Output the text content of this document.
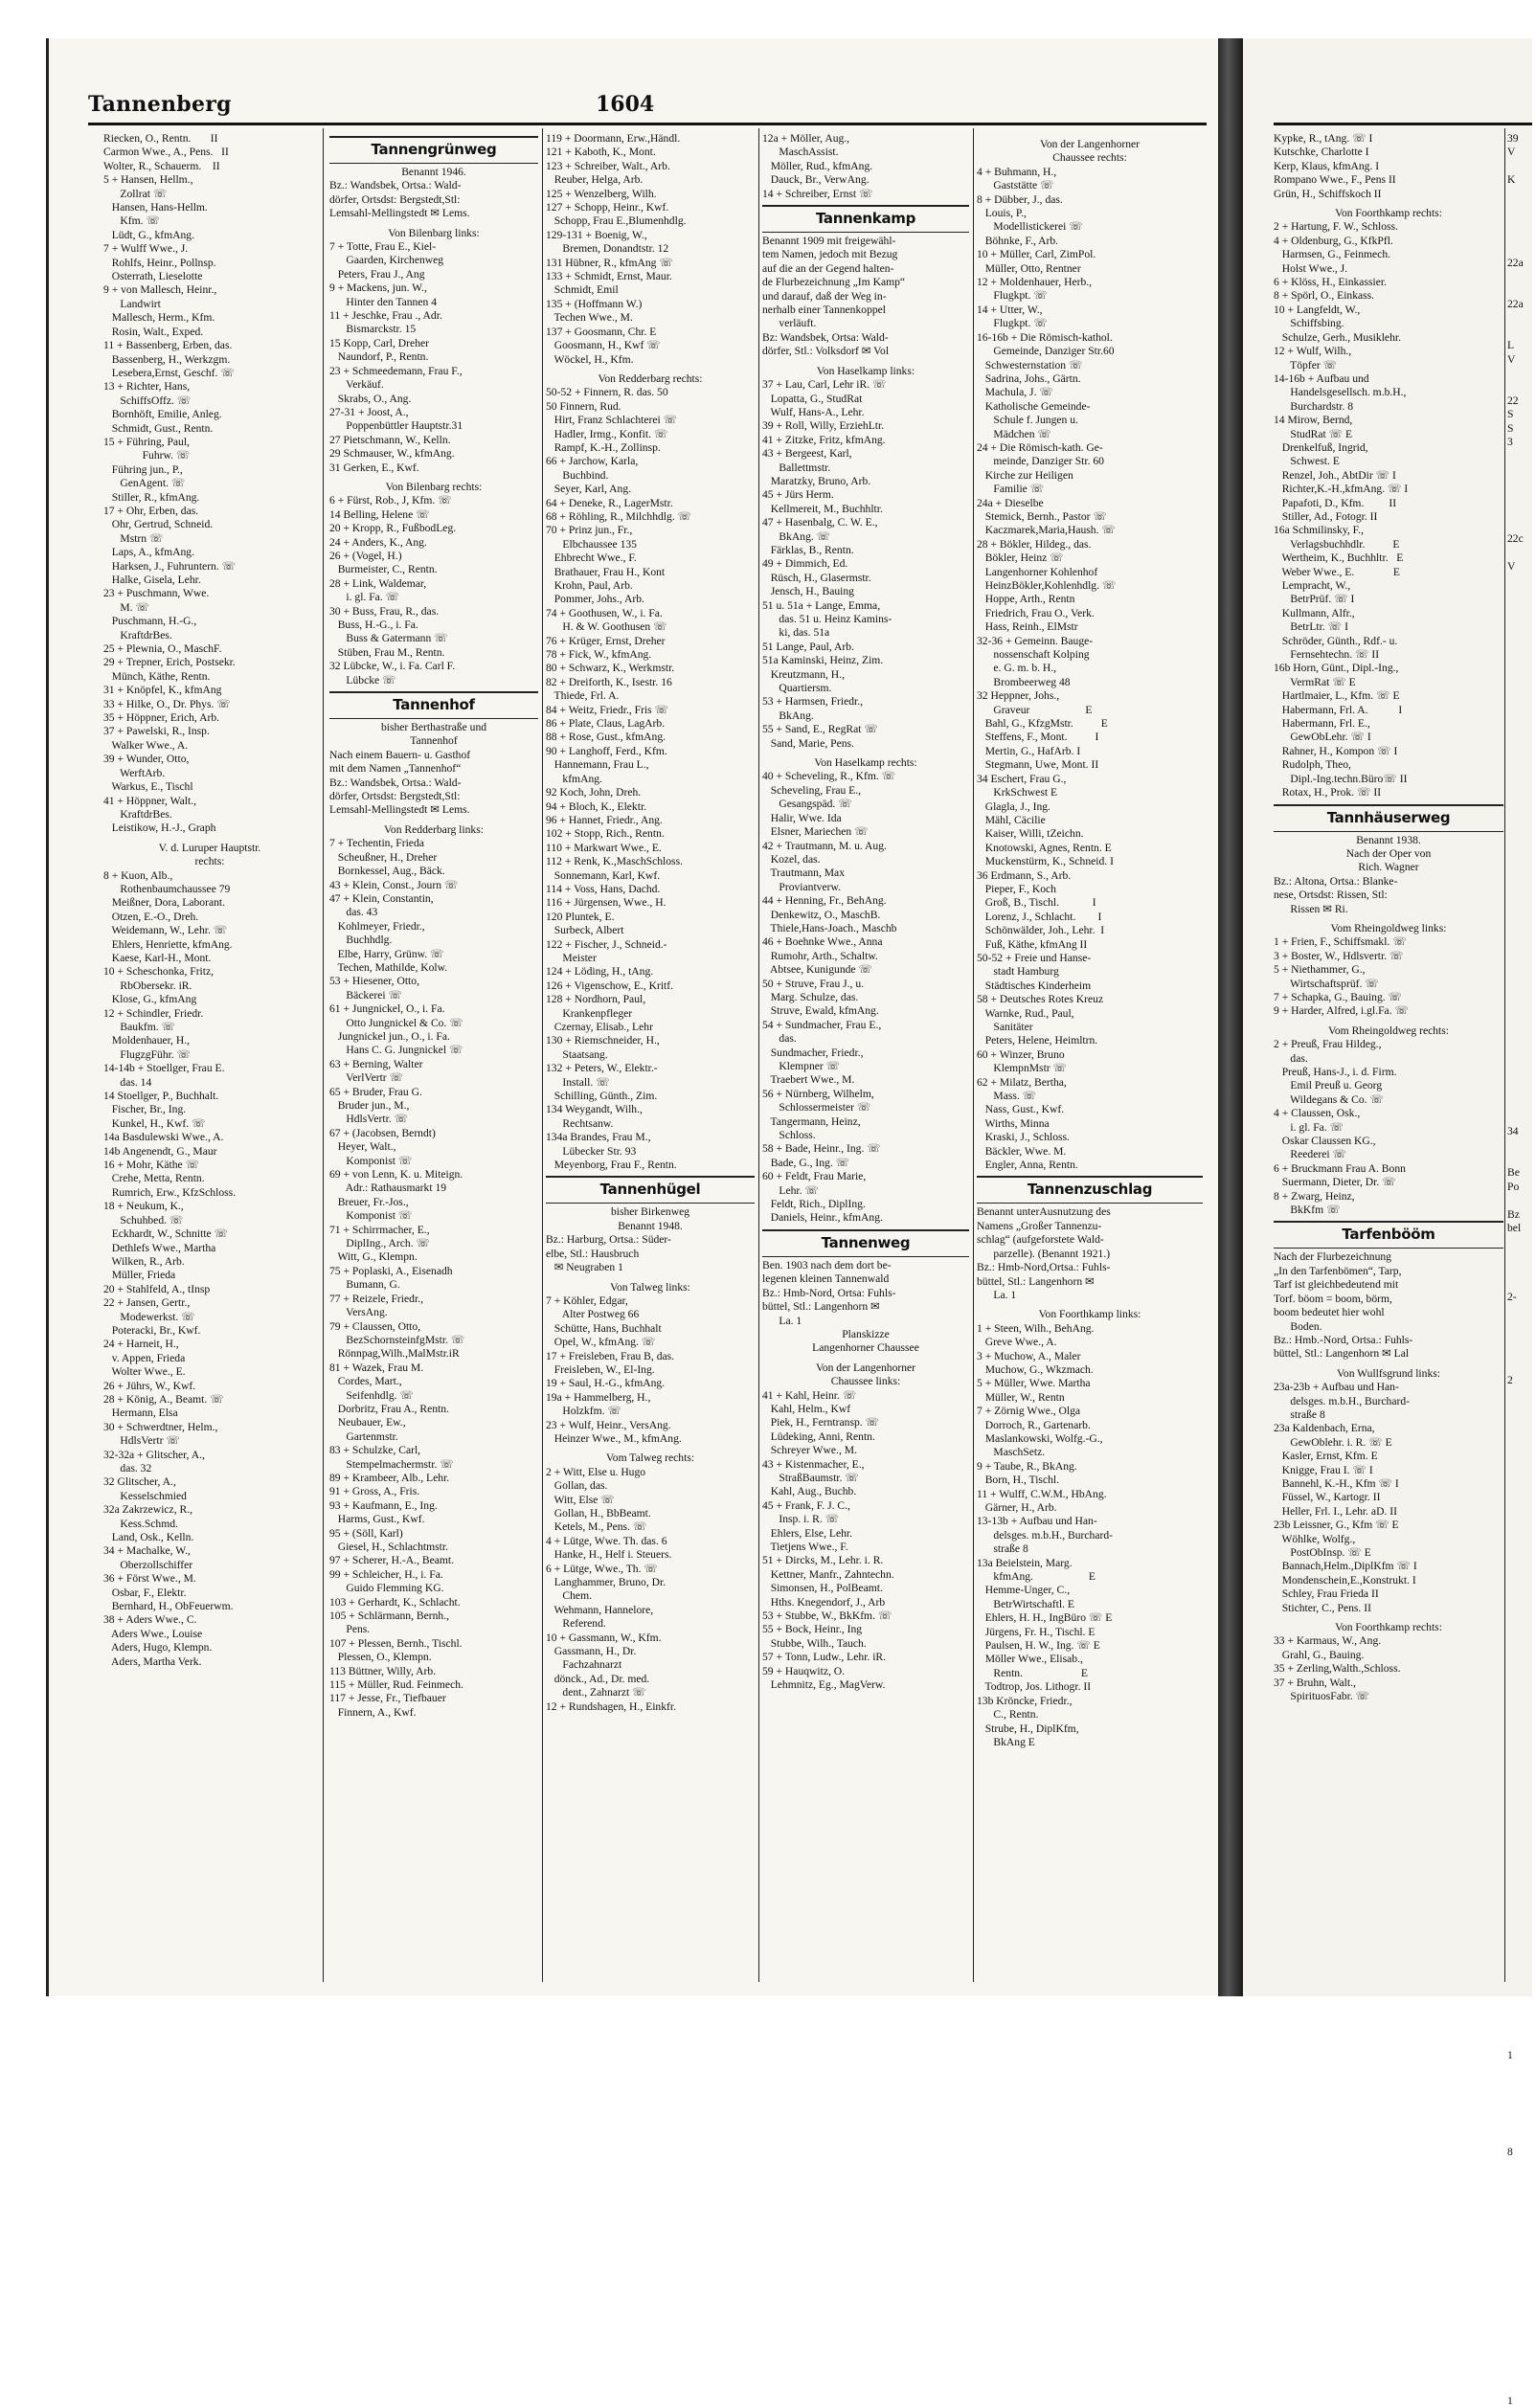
Tannenberg	1604
Riecken, O., Rentn.       II
Carmon Wwe., A., Pens.   II
Wolter, R., Schauerm.    II
5 + Hansen, Hellm.,
Zollrat ☏
Hansen, Hans-Hellm.
Kfm. ☏
Lüdt, G., kfmAng.
7 + Wulff Wwe., J.
Rohlfs, Heinr., Pollnsp.
Osterrath, Lieselotte
9 + von Mallesch, Heinr.,
Landwirt
Mallesch, Herm., Kfm.
Rosin, Walt., Exped.
11 + Bassenberg, Erben, das.
Bassenberg, H., Werkzgm.
Lesebera,Ernst, Geschf. ☏
13 + Richter, Hans,
SchiffsOffz. ☏
Bornhöft, Emilie, Anleg.
Schmidt, Gust., Rentn.
15 + Führing, Paul,
Fuhrw. ☏
Führing jun., P.,
GenAgent. ☏
Stiller, R., kfmAng.
17 + Ohr, Erben, das.
Ohr, Gertrud, Schneid.
Mstrn ☏
Laps, A., kfmAng.
Harksen, J., Fuhruntern. ☏
Halke, Gisela, Lehr.
23 + Puschmann, Wwe.
M. ☏
Puschmann, H.-G.,
KraftdrBes.
25 + Plewnia, O., MaschF.
29 + Trepner, Erich, Postsekr.
Münch, Käthe, Rentn.
31 + Knöpfel, K., kfmAng
33 + Hilke, O., Dr. Phys. ☏
35 + Höppner, Erich, Arb.
37 + Pawelski, R., Insp.
Walker Wwe., A.
39 + Wunder, Otto,
WerftArb.
Warkus, E., Tischl
41 + Höppner, Walt.,
KraftdrBes.
Leistikow, H.-J., Graph
V. d. Luruper Hauptstr.
rechts:
8 + Kuon, Alb.,
Rothenbaumchaussee 79
Meißner, Dora, Laborant.
Otzen, E.-O., Dreh.
Weidemann, W., Lehr. ☏
Ehlers, Henriette, kfmAng.
Kaese, Karl-H., Mont.
10 + Scheschonka, Fritz,
RbObersekr. iR.
Klose, G., kfmAng
12 + Schindler, Friedr.
Baukfm. ☏
Moldenhauer, H.,
FlugzgFühr. ☏
14-14b + Stoellger, Frau E.
das. 14
14 Stoellger, P., Buchhalt.
Fischer, Br., Ing.
Kunkel, H., Kwf. ☏
14a Basdulewski Wwe., A.
14b Angenendt, G., Maur
16 + Mohr, Käthe ☏
Crehe, Metta, Rentn.
Rumrich, Erw., KfzSchloss.
18 + Neukum, K.,
Schuhbed. ☏
Eckhardt, W., Schnitte ☏
Dethlefs Wwe., Martha
Wilken, R., Arb.
Müller, Frieda
20 + Stahlfeld, A., tInsp
22 + Jansen, Gertr.,
Modewerkst. ☏
Poteracki, Br., Kwf.
24 + Harneit, H.,
v. Appen, Frieda
Wolter Wwe., E.
26 + Jührs, W., Kwf.
28 + König, A., Beamt. ☏
Hermann, Elsa
30 + Schwerdtner, Helm.,
HdlsVertr ☏
32-32a + Glitscher, A.,
das. 32
32 Glitscher, A.,
Kesselschmied
32a Zakrzewicz, R.,
Kess.Schmd.
Land, Osk., Kelln.
34 + Machalke, W.,
Oberzollschiffer
36 + Först Wwe., M.
Osbar, F., Elektr.
Bernhard, H., ObFeuerwm.
38 + Aders Wwe., C.
Aders Wwe., Louise
Aders, Hugo, Klempn.
Aders, Martha Verk.
Tannengrünweg
Benannt 1946.
Bz.: Wandsbek, Ortsa.: Wald-
dörfer, Ortsdst: Bergstedt,Stl:
Lemsahl-Mellingstedt ✉ Lems.
Von Bilenbarg links:
7 + Totte, Frau E., Kiel-
Gaarden, Kirchenweg
Peters, Frau J., Ang
9 + Mackens, jun. W.,
Hinter den Tannen 4
11 + Jeschke, Frau ., Adr.
Bismarckstr. 15
15 Kopp, Carl, Dreher
Naundorf, P., Rentn.
23 + Schmeedemann, Frau F.,
Verkäuf.
Skrabs, O., Ang.
27-31 + Joost, A.,
Poppenbüttler Hauptstr.31
27 Pietschmann, W., Kelln.
29 Schmauser, W., kfmAng.
31 Gerken, E., Kwf.
Von Bilenbarg rechts:
6 + Fürst, Rob., J, Kfm. ☏
14 Belling, Helene ☏
20 + Kropp, R., FußbodLeg.
24 + Anders, K., Ang.
26 + (Vogel, H.)
Burmeister, C., Rentn.
28 + Link, Waldemar,
i. gl. Fa. ☏
30 + Buss, Frau, R., das.
Buss, H.-G., i. Fa.
Buss & Gatermann ☏
Stüben, Frau M., Rentn.
32 Lübcke, W., i. Fa. Carl F.
Lübcke ☏
Tannenhof
bisher Berthastraße und
Tannenhof
Nach einem Bauern- u. Gasthof
mit dem Namen „Tannenhof“
Bz.: Wandsbek, Ortsa.: Wald-
dörfer, Ortsdst: Bergstedt,Stl:
Lemsahl-Mellingstedt ✉ Lems.
Von Redderbarg links:
7 + Techentin, Frieda
Scheußner, H., Dreher
Bornkessel, Aug., Bäck.
43 + Klein, Const., Journ ☏
47 + Klein, Constantin,
das. 43
Kohlmeyer, Friedr.,
Buchhdlg.
Elbe, Harry, Grünw. ☏
Techen, Mathilde, Kolw.
53 + Hiesener, Otto,
Bäckerei ☏
61 + Jungnickel, O., i. Fa.
Otto Jungnickel & Co. ☏
Jungnickel jun., O., i. Fa.
Hans C. G. Jungnickel ☏
63 + Berning, Walter
VerlVertr ☏
65 + Bruder, Frau G.
Bruder jun., M.,
HdlsVertr. ☏
67 + (Jacobsen, Berndt)
Heyer, Walt.,
Komponist ☏
69 + von Lenn, K. u. Miteign.
Adr.: Rathausmarkt 19
Breuer, Fr.-Jos.,
Komponist ☏
71 + Schirrmacher, E.,
DiplIng., Arch. ☏
Witt, G., Klempn.
75 + Poplaski, A., Eisenadh
Bumann, G.
77 + Reizele, Friedr.,
VersAng.
79 + Claussen, Otto,
BezSchornsteinfgMstr. ☏
Rönnpag,Wilh.,MalMstr.iR
81 + Wazek, Frau M.
Cordes, Mart.,
Seifenhdlg. ☏
Dorbritz, Frau A., Rentn.
Neubauer, Ew.,
Gartenmstr.
83 + Schulzke, Carl,
Stempelmachermstr. ☏
89 + Krambeer, Alb., Lehr.
91 + Gross, A., Fris.
93 + Kaufmann, E., Ing.
Harms, Gust., Kwf.
95 + (Söll, Karl)
Giesel, H., Schlachtmstr.
97 + Scherer, H.-A., Beamt.
99 + Schleicher, H., i. Fa.
Guido Flemming KG.
103 + Gerhardt, K., Schlacht.
105 + Schlärmann, Bernh.,
Pens.
107 + Plessen, Bernh., Tischl.
Plessen, O., Klempn.
113 Büttner, Willy, Arb.
115 + Müller, Rud. Feinmech.
117 + Jesse, Fr., Tiefbauer
Finnern, A., Kwf.
119 + Doormann, Erw.,Händl.
121 + Kaboth, K., Mont.
123 + Schreiber, Walt., Arb.
Reuber, Helga, Arb.
125 + Wenzelberg, Wilh.
127 + Schopp, Heinr., Kwf.
Schopp, Frau E.,Blumenhdlg.
129-131 + Boenig, W.,
Bremen, Donandtstr. 12
131 Hübner, R., kfmAng ☏
133 + Schmidt, Ernst, Maur.
Schmidt, Emil
135 + (Hoffmann W.)
Techen Wwe., M.
137 + Goosmann, Chr. E
Goosmann, H., Kwf ☏
Wöckel, H., Kfm.
Von Redderbarg rechts:
50-52 + Finnern, R. das. 50
50 Finnern, Rud.
Hirt, Franz Schlachterei ☏
Hadler, Irmg., Konfit. ☏
Rampf, K.-H., Zollinsp.
66 + Jarchow, Karla,
Buchbind.
Seyer, Karl, Ang.
64 + Deneke, R., LagerMstr.
68 + Röhling, R., Milchhdlg. ☏
70 + Prinz jun., Fr.,
Elbchaussee 135
Ehbrecht Wwe., F.
Brathauer, Frau H., Kont
Krohn, Paul, Arb.
Pommer, Johs., Arb.
74 + Goothusen, W., i. Fa.
H. & W. Goothusen ☏
76 + Krüger, Ernst, Dreher
78 + Fick, W., kfmAng.
80 + Schwarz, K., Werkmstr.
82 + Dreiforth, K., Isestr. 16
Thiede, Frl. A.
84 + Weitz, Friedr., Fris ☏
86 + Plate, Claus, LagArb.
88 + Rose, Gust., kfmAng.
90 + Langhoff, Ferd., Kfm.
Hannemann, Frau L.,
kfmAng.
92 Koch, John, Dreh.
94 + Bloch, K., Elektr.
96 + Hannet, Friedr., Ang.
102 + Stopp, Rich., Rentn.
110 + Markwart Wwe., E.
112 + Renk, K.,MaschSchloss.
Sonnemann, Karl, Kwf.
114 + Voss, Hans, Dachd.
116 + Jürgensen, Wwe., H.
120 Pluntek, E.
Surbeck, Albert
122 + Fischer, J., Schneid.-
Meister
124 + Löding, H., tAng.
126 + Vigenschow, E., Kritf.
128 + Nordhorn, Paul,
Krankenpfleger
Czernay, Elisab., Lehr
130 + Riemschneider, H.,
Staatsang.
132 + Peters, W., Elektr.-
Install. ☏
Schilling, Günth., Zim.
134 Weygandt, Wilh.,
Rechtsanw.
134a Brandes, Frau M.,
Lübecker Str. 93
Meyenborg, Frau F., Rentn.
Tannenhügel
bisher Birkenweg
Benannt 1948.
Bz.: Harburg, Ortsa.: Süder-
elbe, Stl.: Hausbruch
✉ Neugraben 1
Von Talweg links:
7 + Köhler, Edgar,
Alter Postweg 66
Schütte, Hans, Buchhalt
Opel, W., kfmAng. ☏
17 + Freisleben, Frau B, das.
Freisleben, W., El-Ing.
19 + Saul, H.-G., kfmAng.
19a + Hammelberg, H.,
Holzkfm. ☏
23 + Wulf, Heinr., VersAng.
Heinzer Wwe., M., kfmAng.
Vom Talweg rechts:
2 + Witt, Else u. Hugo
Gollan, das.
Witt, Else ☏
Gollan, H., BbBeamt.
Ketels, M., Pens. ☏
4 + Lütge, Wwe. Th. das. 6
Hanke, H., Helf i. Steuers.
6 + Lütge, Wwe., Th. ☏
Langhammer, Bruno, Dr.
Chem.
Wehmann, Hannelore,
Referend.
10 + Gassmann, W., Kfm.
Gassmann, H., Dr.
Fachzahnarzt
dönck., Ad., Dr. med.
dent., Zahnarzt ☏
12 + Rundshagen, H., Einkfr.
12a + Möller, Aug.,
MaschAssist.
Möller, Rud., kfmAng.
Dauck, Br., VerwAng.
14 + Schreiber, Ernst ☏
Tannenkamp
Benannt 1909 mit freigewähl-
tem Namen, jedoch mit Bezug
auf die an der Gegend halten-
de Flurbezeichnung „Im Kamp“
und darauf, daß der Weg in-
nerhalb einer Tannenkoppel
verläuft.
Bz: Wandsbek, Ortsa: Wald-
dörfer, Stl.: Volksdorf ✉ Vol
Von Haselkamp links:
37 + Lau, Carl, Lehr iR. ☏
Lopatta, G., StudRat
Wulf, Hans-A., Lehr.
39 + Roll, Willy, ErziehLtr.
41 + Zitzke, Fritz, kfmAng.
43 + Bergeest, Karl,
Ballettmstr.
Maratzky, Bruno, Arb.
45 + Jürs Herm.
Kellmereit, M., Buchhltr.
47 + Hasenbalg, C. W. E.,
BkAng. ☏
Färklas, B., Rentn.
49 + Dimmich, Ed.
Rüsch, H., Glasermstr.
Jensch, H., Bauing
51 u. 51a + Lange, Emma,
das. 51 u. Heinz Kamins-
ki, das. 51a
51 Lange, Paul, Arb.
51a Kaminski, Heinz, Zim.
Kreutzmann, H.,
Quartiersm.
53 + Harmsen, Friedr.,
BkAng.
55 + Sand, E., RegRat ☏
Sand, Marie, Pens.
Von Haselkamp rechts:
40 + Scheveling, R., Kfm. ☏
Scheveling, Frau E.,
Gesangspäd. ☏
Halir, Wwe. Ida
Elsner, Mariechen ☏
42 + Trautmann, M. u. Aug.
Kozel, das.
Trautmann, Max
Proviantverw.
44 + Henning, Fr., BehAng.
Denkewitz, O., MaschB.
Thiele,Hans-Joach., Maschb
46 + Boehnke Wwe., Anna
Rumohr, Arth., Schaltw.
Abtsee, Kunigunde ☏
50 + Struve, Frau J., u.
Marg. Schulze, das.
Struve, Ewald, kfmAng.
54 + Sundmacher, Frau E.,
das.
Sundmacher, Friedr.,
Klempner ☏
Traebert Wwe., M.
56 + Nürnberg, Wilhelm,
Schlossermeister ☏
Tangermann, Heinz,
Schloss.
58 + Bade, Heinr., Ing. ☏
Bade, G., Ing. ☏
60 + Feldt, Frau Marie,
Lehr. ☏
Feldt, Rich., DiplIng.
Daniels, Heinr., kfmAng.
Tannenweg
Ben. 1903 nach dem dort be-
legenen kleinen Tannenwald
Bz.: Hmb-Nord, Ortsa: Fuhls-
büttel, Stl.: Langenhorn ✉
La. 1
Planskizze
Langenhorner Chaussee
Von der Langenhorner
Chaussee links:
41 + Kahl, Heinr. ☏
Kahl, Helm., Kwf
Piek, H., Ferntransp. ☏
Lüdeking, Anni, Rentn.
Schreyer Wwe., M.
43 + Kistenmacher, E.,
StraßBaumstr. ☏
Kahl, Aug., Buchb.
45 + Frank, F. J. C.,
Insp. i. R. ☏
Ehlers, Else, Lehr.
Tietjens Wwe., F.
51 + Dircks, M., Lehr. i. R.
Kettner, Manfr., Zahntechn.
Simonsen, H., PolBeamt.
Hths. Knegendorf, J., Arb
53 + Stubbe, W., BkKfm. ☏
55 + Bock, Heinr., Ing
Stubbe, Wilh., Tauch.
57 + Tonn, Ludw., Lehr. iR.
59 + Hauqwitz, O.
Lehmnitz, Eg., MagVerw.
Von der Langenhorner
Chaussee rechts:
4 + Buhmann, H.,
Gaststätte ☏
8 + Dübber, J., das.
Louis, P.,
Modellistickerei ☏
Böhnke, F., Arb.
10 + Müller, Carl, ZimPol.
Müller, Otto, Rentner
12 + Moldenhauer, Herb.,
Flugkpt. ☏
14 + Utter, W.,
Flugkpt. ☏
16-16b + Die Römisch-kathol.
Gemeinde, Danziger Str.60
Schwesternstation ☏
Sadrina, Johs., Gärtn.
Machula, J. ☏
Katholische Gemeinde-
Schule f. Jungen u.
Mädchen ☏
24 + Die Römisch-kath. Ge-
meinde, Danziger Str. 60
Kirche zur Heiligen
Familie ☏
24a + Dieselbe
Stemick, Bernh., Pastor ☏
Kaczmarek,Maria,Haush. ☏
28 + Bökler, Hildeg., das.
Bökler, Heinz ☏
Langenhorner Kohlenhof
HeinzBökler,Kohlenhdlg. ☏
Hoppe, Arth., Rentn
Friedrich, Frau O., Verk.
Hass, Reinh., ElMstr
32-36 + Gemeinn. Bauge-
nossenschaft Kolping
e. G. m. b. H.,
Brombeerweg 48
32 Heppner, Johs.,
Graveur                    E
Bahl, G., KfzgMstr.          E
Steffens, F., Mont.          I
Mertin, G., HafArb. I
Stegmann, Uwe, Mont. II
34 Eschert, Frau G.,
KrkSchwest E
Glagla, J., Ing.
Mähl, Cäcilie
Kaiser, Willi, tZeichn.
Knotowski, Agnes, Rentn. E
Muckenstürm, K., Schneid. I
36 Erdmann, S., Arb.
Pieper, F., Koch
Groß, B., Tischl.            I
Lorenz, J., Schlacht.        I
Schönwälder, Joh., Lehr.  I
Fuß, Käthe, kfmAng II
50-52 + Freie und Hanse-
stadt Hamburg
Städtisches Kinderheim
58 + Deutsches Rotes Kreuz
Warnke, Rud., Paul,
Sanitäter
Peters, Helene, Heimltrn.
60 + Winzer, Bruno
KlempnMstr ☏
62 + Milatz, Bertha,
Mass. ☏
Nass, Gust., Kwf.
Wirths, Minna
Kraski, J., Schloss.
Bäckler, Wwe. M.
Engler, Anna, Rentn.
Tannenzuschlag
Benannt unterAusnutzung des
Namens „Großer Tannenzu-
schlag“ (aufgeforstete Wald-
parzelle). (Benannt 1921.)
Bz.: Hmb-Nord,Ortsa.: Fuhls-
büttel, Stl.: Langenhorn ✉
La. 1
Von Foorthkamp links:
1 + Steen, Wilh., BehAng.
Greve Wwe., A.
3 + Muchow, A., Maler
Muchow, G., Wkzmach.
5 + Müller, Wwe. Martha
Müller, W., Rentn
7 + Zörnig Wwe., Olga
Dorroch, R., Gartenarb.
Maslankowski, Wolfg.-G.,
MaschSetz.
9 + Taube, R., BkAng.
Born, H., Tischl.
11 + Wulff, C.W.M., HbAng.
Gärner, H., Arb.
13-13b + Aufbau und Han-
delsges. m.b.H., Burchard-
straße 8
13a Beielstein, Marg.
kfmAng.                    E
Hemme-Unger, C.,
BetrWirtschaftl. E
Ehlers, H. H., IngBüro ☏ E
Jürgens, Fr. H., Tischl. E
Paulsen, H. W., Ing. ☏ E
Möller Wwe., Elisab.,
Rentn.                     E
Todtrop, Jos. Lithogr. II
13b Kröncke, Friedr.,
C., Rentn.
Strube, H., DiplKfm,
BkAng E
Kypke, R., tAng. ☏ I
Kutschke, Charlotte I
Kerp, Klaus, kfmAng. I
Rompano Wwe., F., Pens II
Grün, H., Schiffskoch II
Von Foorthkamp rechts:
2 + Hartung, F. W., Schloss.
4 + Oldenburg, G., KfkPfl.
Harmsen, G., Feinmech.
Holst Wwe., J.
6 + Klöss, H., Einkassier.
8 + Spörl, O., Einkass.
10 + Langfeldt, W.,
Schiffsbing.
Schulze, Gerh., Musiklehr.
12 + Wulf, Wilh.,
Töpfer ☏
14-16b + Aufbau und
Handelsgesellsch. m.b.H.,
Burchardstr. 8
14 Mirow, Bernd,
StudRat ☏ E
Drenkelfuß, Ingrid,
Schwest. E
Renzel, Joh., AbtDir ☏ I
Richter,K.-H.,kfmAng. ☏ I
Papafoti, D., Kfm.         II
Stiller, Ad., Fotogr. II
16a Schmilinsky, F.,
Verlagsbuchhdlr.          E
Wertheim, K., Buchhltr.   E
Weber Wwe., E.              E
Lempracht, W.,
BetrPrüf. ☏ I
Kullmann, Alfr.,
BetrLtr. ☏ I
Schröder, Günth., Rdf.- u.
Fernsehtechn. ☏ II
16b Horn, Günt., Dipl.-Ing.,
VermRat ☏ E
Hartlmaier, L., Kfm. ☏ E
Habermann, Frl. A.           I
Habermann, Frl. E.,
GewObLehr. ☏ I
Rahner, H., Kompon ☏ I
Rudolph, Theo,
Dipl.-Ing.techn.Büro☏ II
Rotax, H., Prok. ☏ II
Tannhäuserweg
Benannt 1938.
Nach der Oper von
Rich. Wagner
Bz.: Altona, Ortsa.: Blanke-
nese, Ortsdst: Rissen, Stl:
Rissen ✉ Ri.
Vom Rheingoldweg links:
1 + Frien, F., Schiffsmakl. ☏
3 + Boster, W., Hdlsvertr. ☏
5 + Niethammer, G.,
Wirtschaftsprüf. ☏
7 + Schapka, G., Bauing. ☏
9 + Harder, Alfred, i.gl.Fa. ☏
Vom Rheingoldweg rechts:
2 + Preuß, Frau Hildeg.,
das.
Preuß, Hans-J., i. d. Firm.
Emil Preuß u. Georg
Wildegans & Co. ☏
4 + Claussen, Osk.,
i. gl. Fa. ☏
Oskar Claussen KG.,
Reederei ☏
6 + Bruckmann Frau A. Bonn
Suermann, Dieter, Dr. ☏
8 + Zwarg, Heinz,
BkKfm ☏
Tarfenbööm
Nach der Flurbezeichnung
„In den Tarfenbömen“, Tarp,
Tarf ist gleichbedeutend mit
Torf. böom = boom, börm,
boom bedeutet hier wohl
Boden.
Bz.: Hmb.-Nord, Ortsa.: Fuhls-
büttel, Stl.: Langenhorn ✉ Lal
Von Wullfsgrund links:
23a-23b + Aufbau und Han-
delsges. m.b.H., Burchard-
straße 8
23a Kaldenbach, Erna,
GewOblehr. i. R. ☏ E
Kasler, Ernst, Kfm. E
Knigge, Frau I. ☏ I
Bannehl, K.-H., Kfm ☏ I
Füssel, W., Kartogr. II
Heller, Frl. I., Lehr. aD. II
23b Leissner, G., Kfm ☏ E
Wöhlke, Wolfg.,
PostObInsp. ☏ E
Bannach,Helm.,DiplKfm ☏ I
Mondenschein,E.,Konstrukt. I
Schley, Frau Frieda II
Stichter, C., Pens. II
Von Foorthkamp rechts:
33 + Karmaus, W., Ang.
Grahl, G., Bauing.
35 + Zerling,Walth.,Schloss.
37 + Bruhn, Walt.,
SpirituosFabr. ☏
39
V

K

22a

22a

L
V

22
S
S
3

22c

V

34

Be
Po

Bz
bel

2-

2

1

8

1
